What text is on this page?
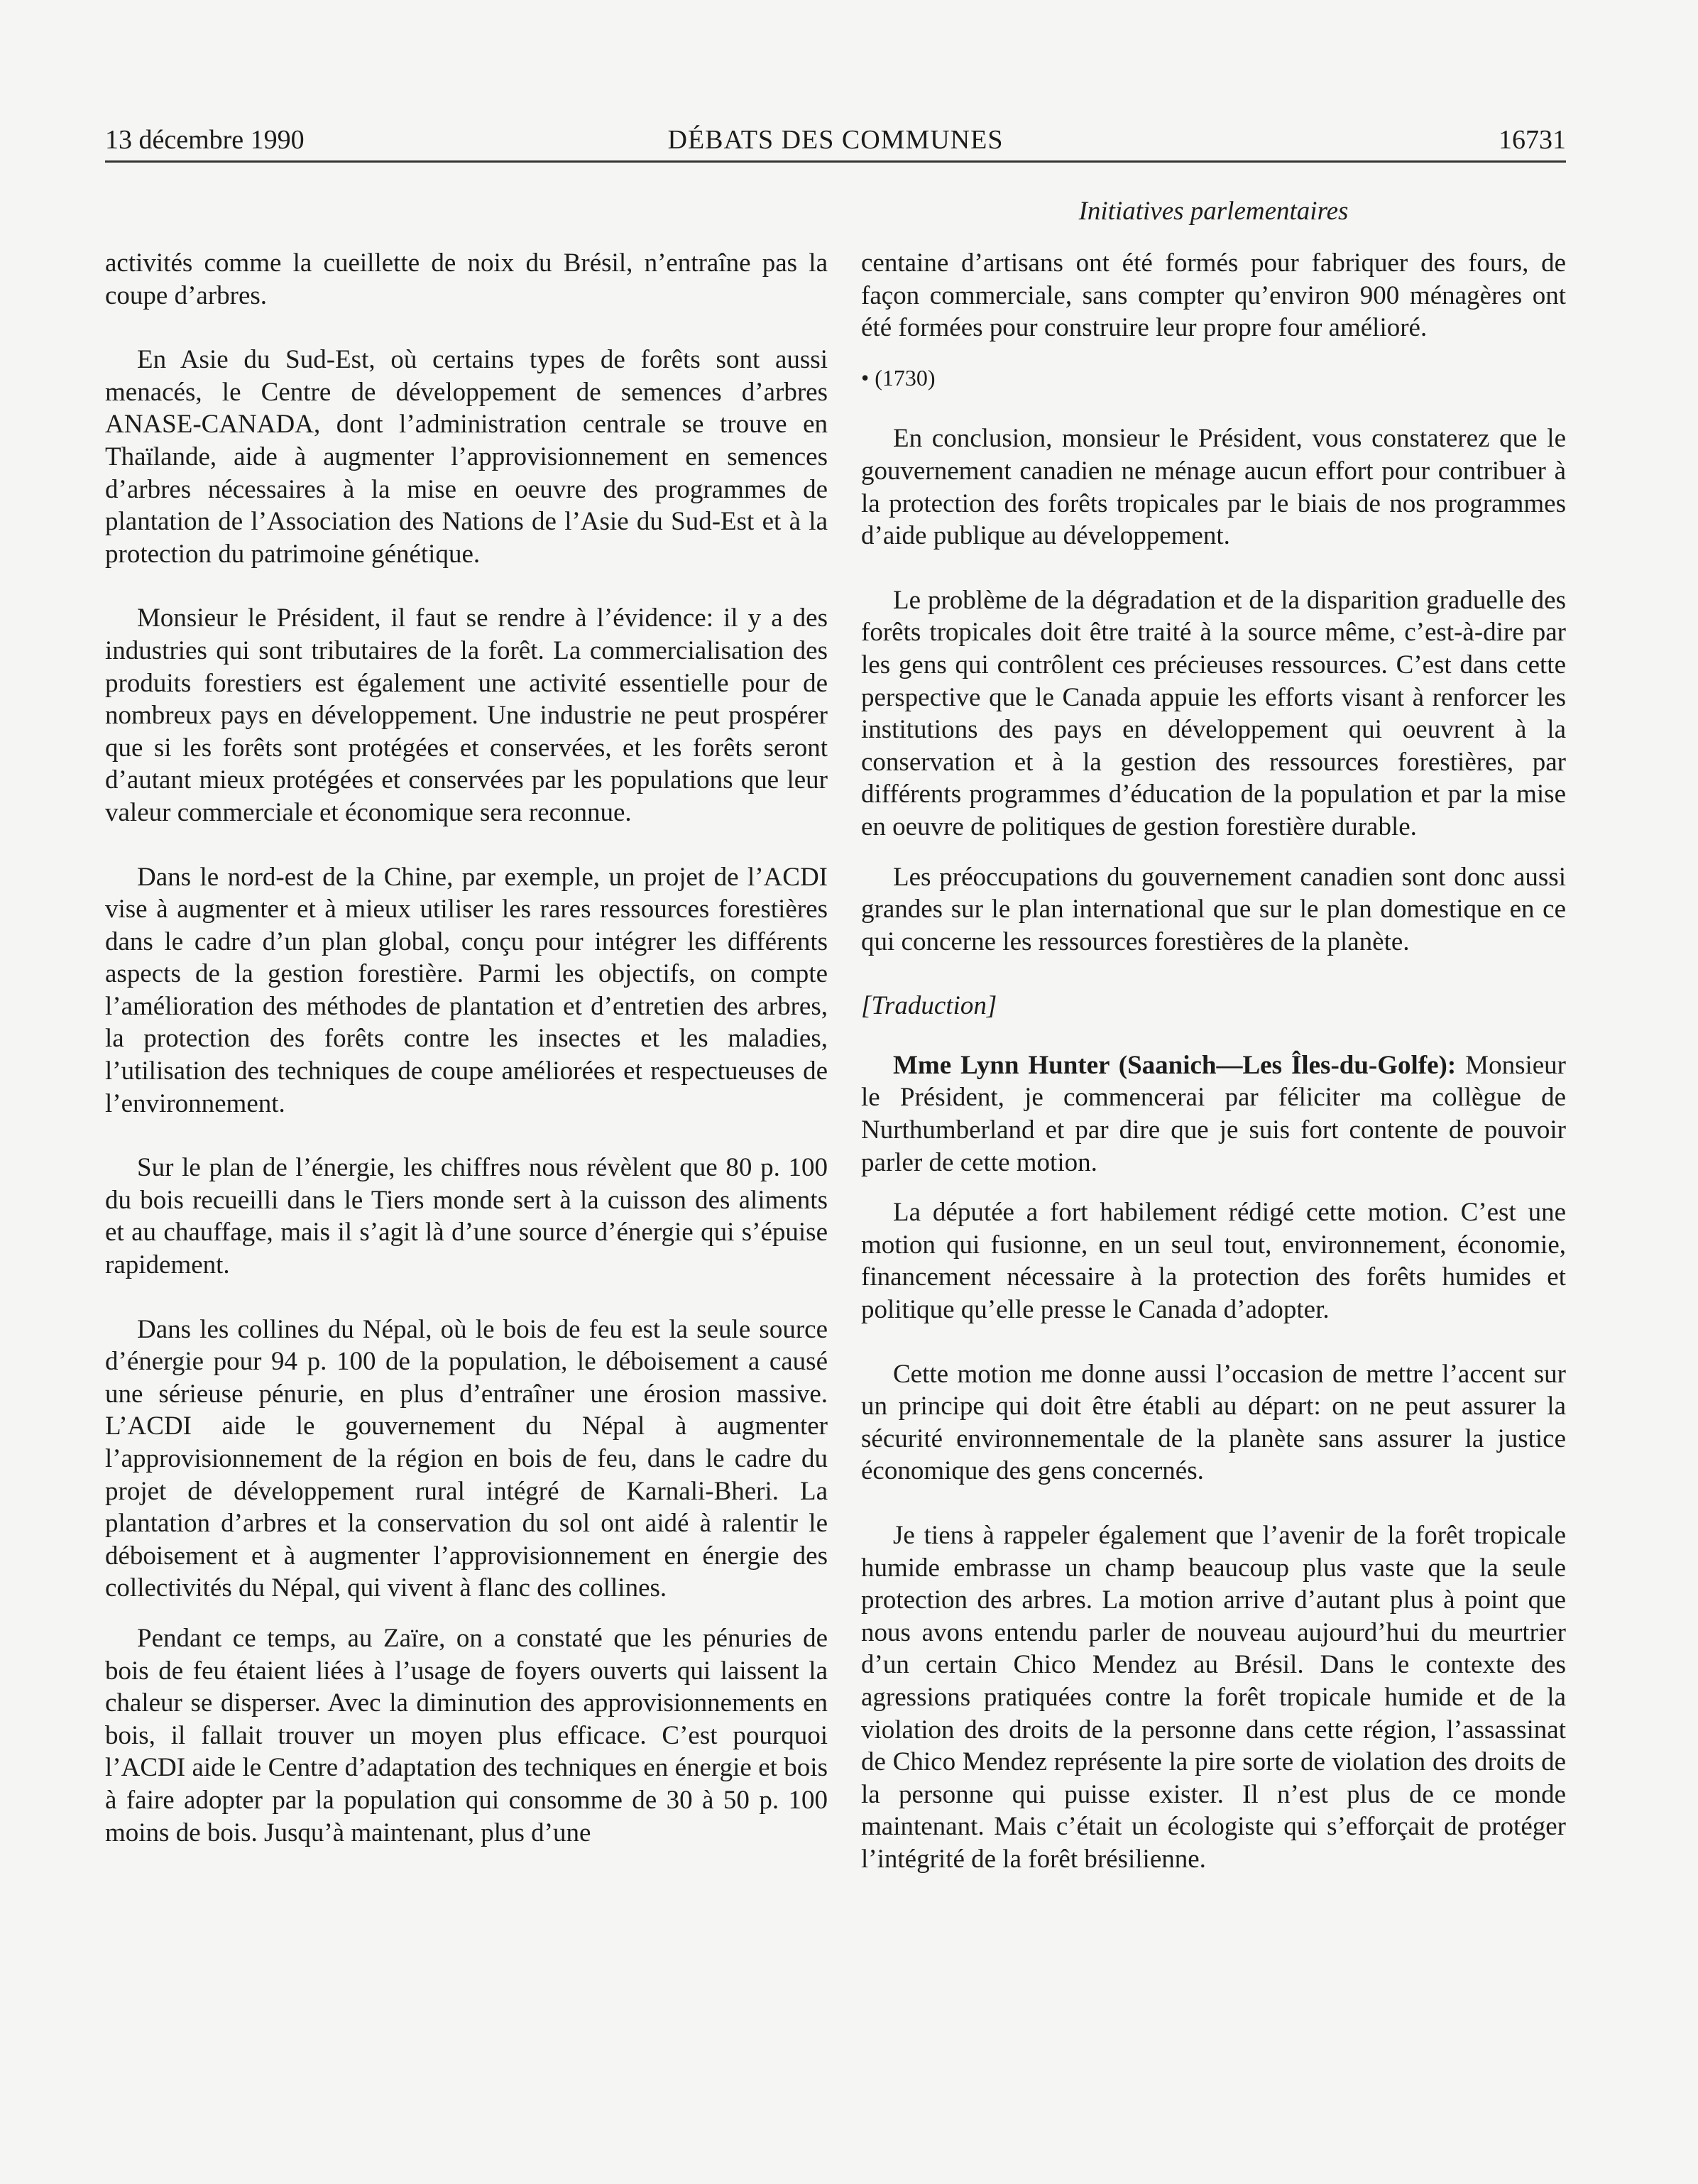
13 décembre 1990	DÉBATS DES COMMUNES	16731
Initiatives parlementaires

activités comme la cueillette de noix du Brésil, n’entraîne pas la coupe d’arbres.

En Asie du Sud-Est, où certains types de forêts sont aussi menacés, le Centre de développement de semences d’arbres ANASE-CANADA, dont l’administration centrale se trouve en Thaïlande, aide à augmenter l’approvisionnement en semences d’arbres nécessaires à la mise en oeuvre des programmes de plantation de l’Association des Nations de l’Asie du Sud-Est et à la protection du patrimoine génétique.

Monsieur le Président, il faut se rendre à l’évidence: il y a des industries qui sont tributaires de la forêt. La commercialisation des produits forestiers est également une activité essentielle pour de nombreux pays en développement. Une industrie ne peut prospérer que si les forêts sont protégées et conservées, et les forêts seront d’autant mieux protégées et conservées par les populations que leur valeur commerciale et économique sera reconnue.

Dans le nord-est de la Chine, par exemple, un projet de l’ACDI vise à augmenter et à mieux utiliser les rares ressources forestières dans le cadre d’un plan global, conçu pour intégrer les différents aspects de la gestion forestière. Parmi les objectifs, on compte l’amélioration des méthodes de plantation et d’entretien des arbres, la protection des forêts contre les insectes et les maladies, l’utilisation des techniques de coupe améliorées et respectueuses de l’environnement.

Sur le plan de l’énergie, les chiffres nous révèlent que 80 p. 100 du bois recueilli dans le Tiers monde sert à la cuisson des aliments et au chauffage, mais il s’agit là d’une source d’énergie qui s’épuise rapidement.

Dans les collines du Népal, où le bois de feu est la seule source d’énergie pour 94 p. 100 de la population, le déboisement a causé une sérieuse pénurie, en plus d’entraîner une érosion massive. L’ACDI aide le gouvernement du Népal à augmenter l’approvisionnement de la région en bois de feu, dans le cadre du projet de développement rural intégré de Karnali-Bheri. La plantation d’arbres et la conservation du sol ont aidé à ralentir le déboisement et à augmenter l’approvisionnement en énergie des collectivités du Népal, qui vivent à flanc des collines.

Pendant ce temps, au Zaïre, on a constaté que les pénuries de bois de feu étaient liées à l’usage de foyers ouverts qui laissent la chaleur se disperser. Avec la diminution des approvisionnements en bois, il fallait trouver un moyen plus efficace. C’est pourquoi l’ACDI aide le Centre d’adaptation des techniques en énergie et bois à faire adopter par la population qui consomme de 30 à 50 p. 100 moins de bois. Jusqu’à maintenant, plus d’une

centaine d’artisans ont été formés pour fabriquer des fours, de façon commerciale, sans compter qu’environ 900 ménagères ont été formées pour construire leur propre four amélioré.

• (1730)

En conclusion, monsieur le Président, vous constaterez que le gouvernement canadien ne ménage aucun effort pour contribuer à la protection des forêts tropicales par le biais de nos programmes d’aide publique au développement.

Le problème de la dégradation et de la disparition graduelle des forêts tropicales doit être traité à la source même, c’est-à-dire par les gens qui contrôlent ces précieuses ressources. C’est dans cette perspective que le Canada appuie les efforts visant à renforcer les institutions des pays en développement qui oeuvrent à la conservation et à la gestion des ressources forestières, par différents programmes d’éducation de la population et par la mise en oeuvre de politiques de gestion forestière durable.

Les préoccupations du gouvernement canadien sont donc aussi grandes sur le plan international que sur le plan domestique en ce qui concerne les ressources forestières de la planète.

[Traduction]

Mme Lynn Hunter (Saanich—Les Îles-du-Golfe): Monsieur le Président, je commencerai par féliciter ma collègue de Nurthumberland et par dire que je suis fort contente de pouvoir parler de cette motion.

La députée a fort habilement rédigé cette motion. C’est une motion qui fusionne, en un seul tout, environnement, économie, financement nécessaire à la protection des forêts humides et politique qu’elle presse le Canada d’adopter.

Cette motion me donne aussi l’occasion de mettre l’accent sur un principe qui doit être établi au départ: on ne peut assurer la sécurité environnementale de la planète sans assurer la justice économique des gens concernés.

Je tiens à rappeler également que l’avenir de la forêt tropicale humide embrasse un champ beaucoup plus vaste que la seule protection des arbres. La motion arrive d’autant plus à point que nous avons entendu parler de nouveau aujourd’hui du meurtrier d’un certain Chico Mendez au Brésil. Dans le contexte des agressions pratiquées contre la forêt tropicale humide et de la violation des droits de la personne dans cette région, l’assassinat de Chico Mendez représente la pire sorte de violation des droits de la personne qui puisse exister. Il n’est plus de ce monde maintenant. Mais c’était un écologiste qui s’efforçait de protéger l’intégrité de la forêt brésilienne.
